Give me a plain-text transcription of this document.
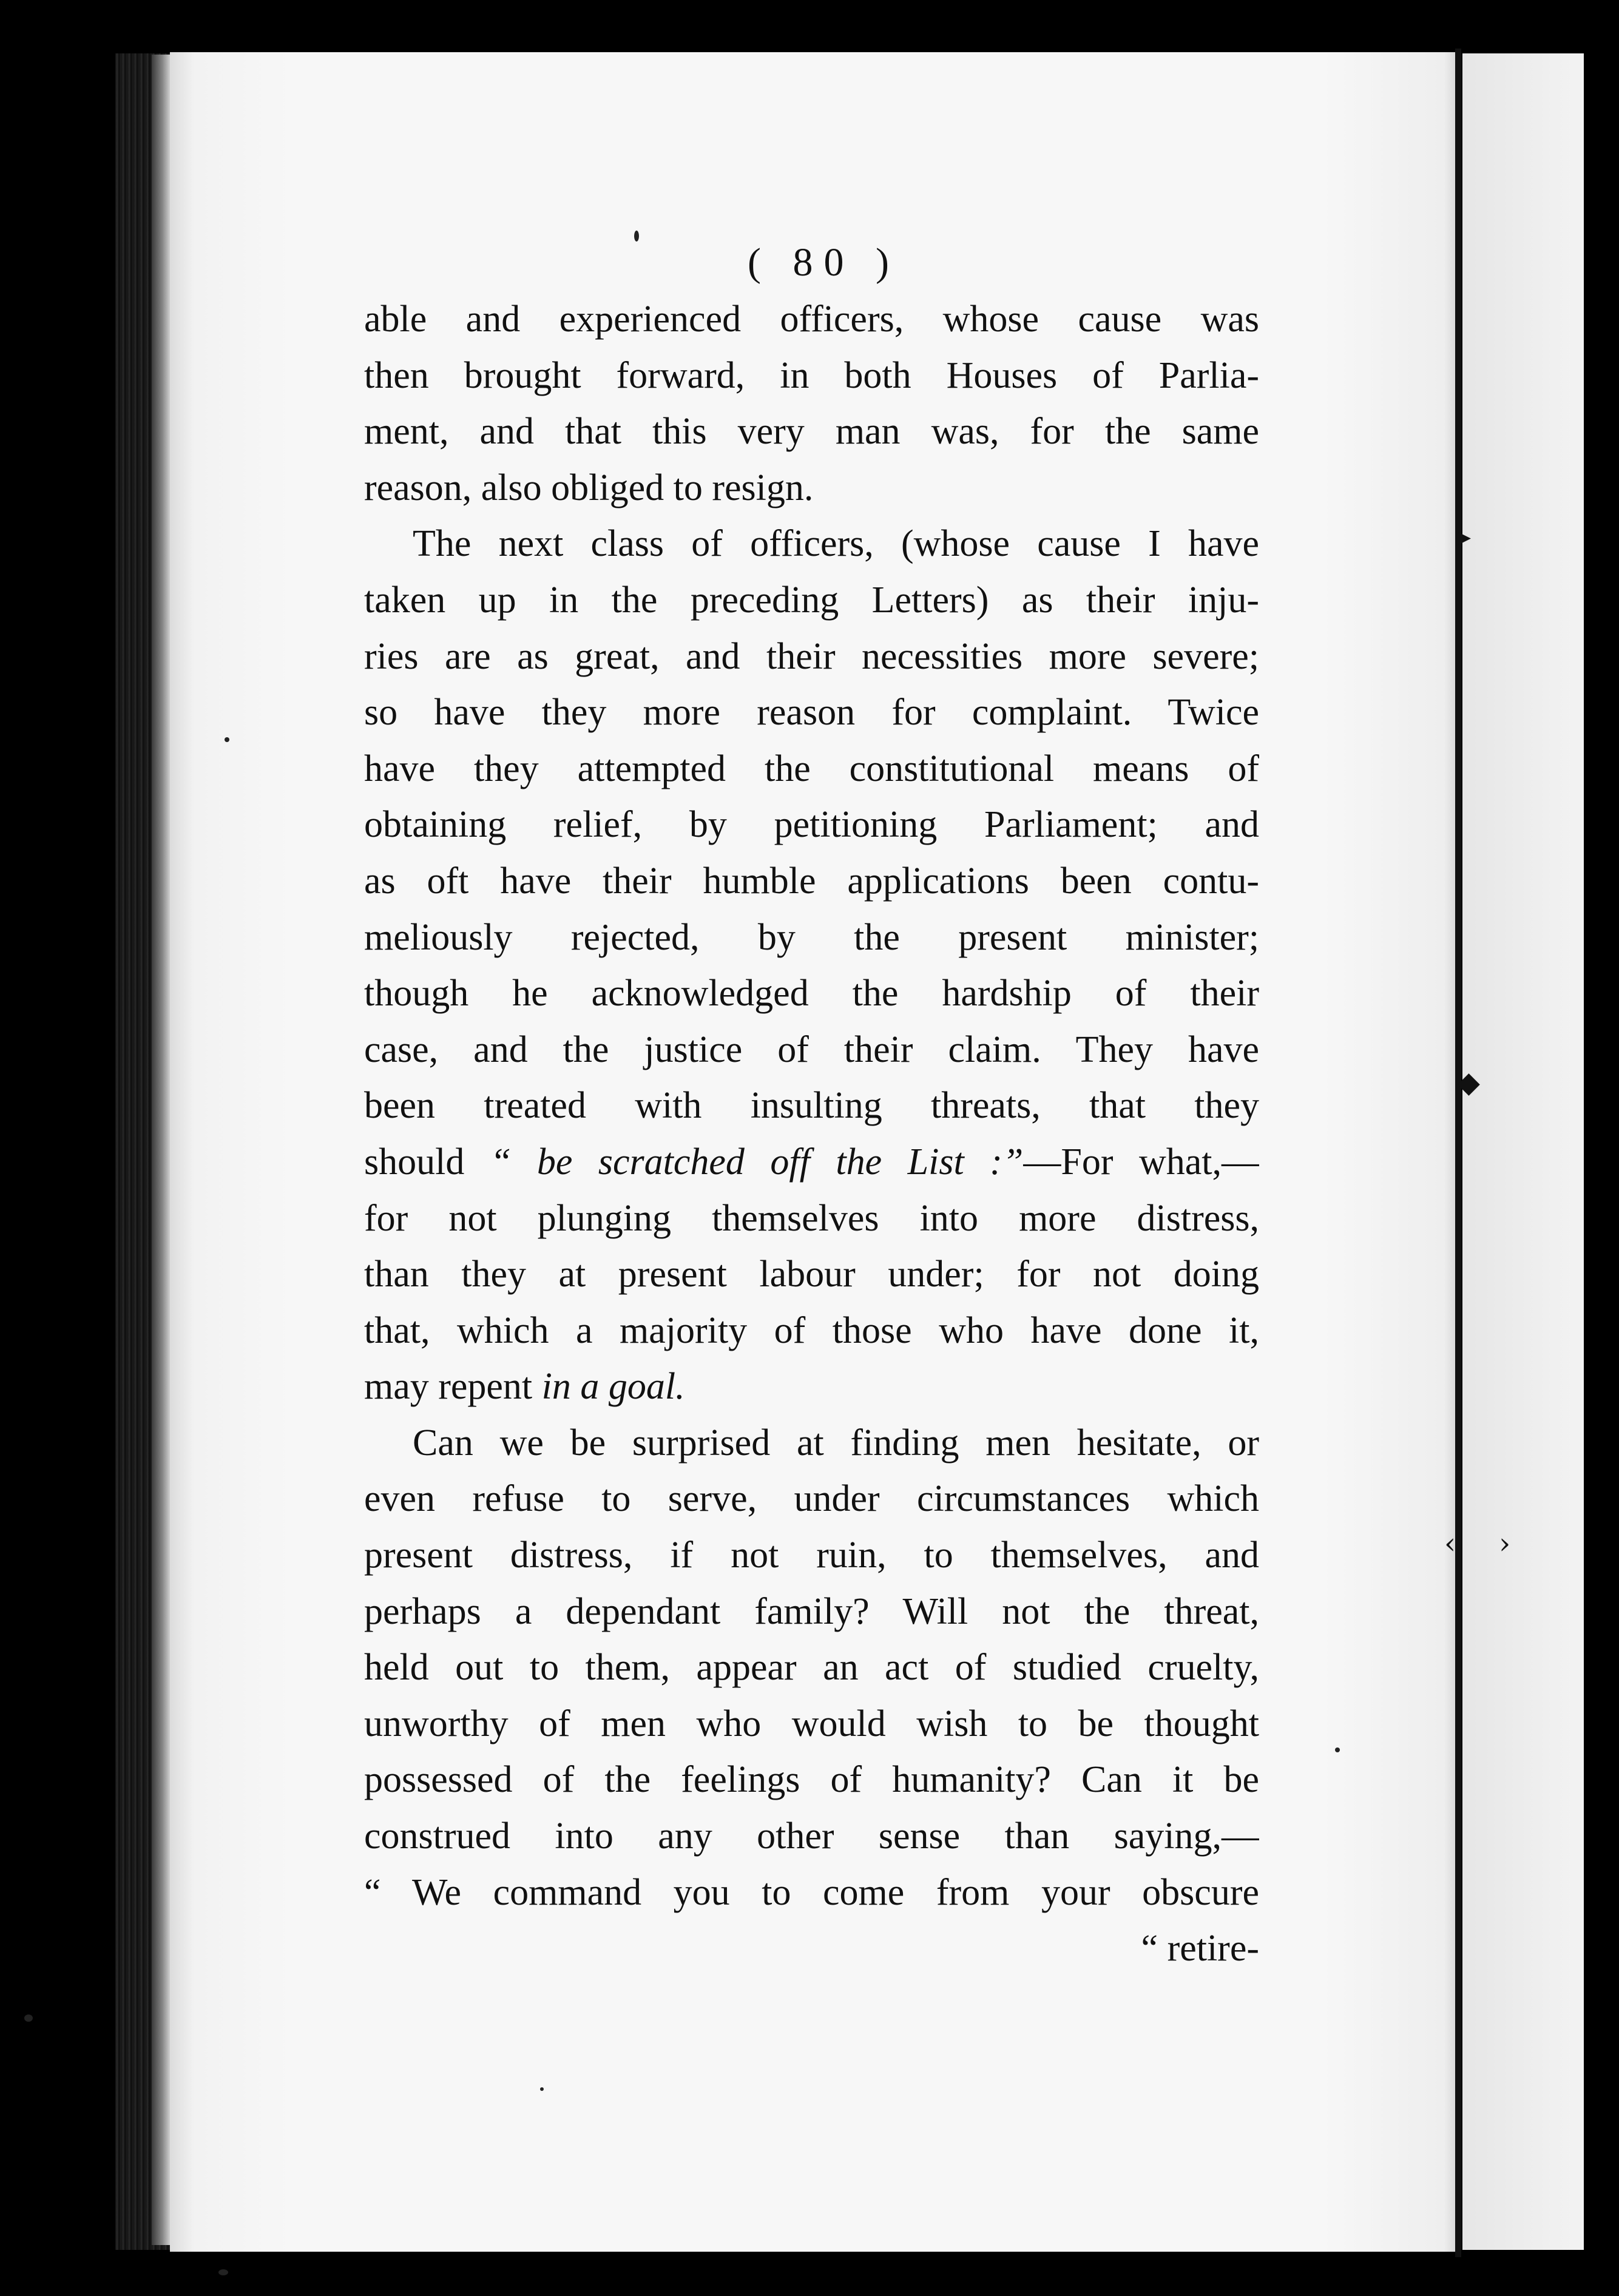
▸
◆
‹ ›
( 80 )
able and experienced officers, whose cause was
then brought forward, in both Houses of Parlia-
ment, and that this very man was, for the same
reason, also obliged to resign.
The next class of officers, (whose cause I have
taken up in the preceding Letters) as their inju-
ries are as great, and their necessities more severe;
so have they more reason for complaint. Twice
have they attempted the constitutional means of
obtaining relief, by petitioning Parliament; and
as oft have their humble applications been contu-
meliously rejected, by the present minister;
though he acknowledged the hardship of their
case, and the justice of their claim. They have
been treated with insulting threats, that they
should “ be scratched off the List :”—For what,—
for not plunging themselves into more distress,
than they at present labour under; for not doing
that, which a majority of those who have done it,
may repent in a goal.
Can we be surprised at finding men hesitate, or
even refuse to serve, under circumstances which
present distress, if not ruin, to themselves, and
perhaps a dependant family? Will not the threat,
held out to them, appear an act of studied cruelty,
unworthy of men who would wish to be thought
possessed of the feelings of humanity? Can it be
construed into any other sense than saying,—
“ We command you to come from your obscure
“ retire-
